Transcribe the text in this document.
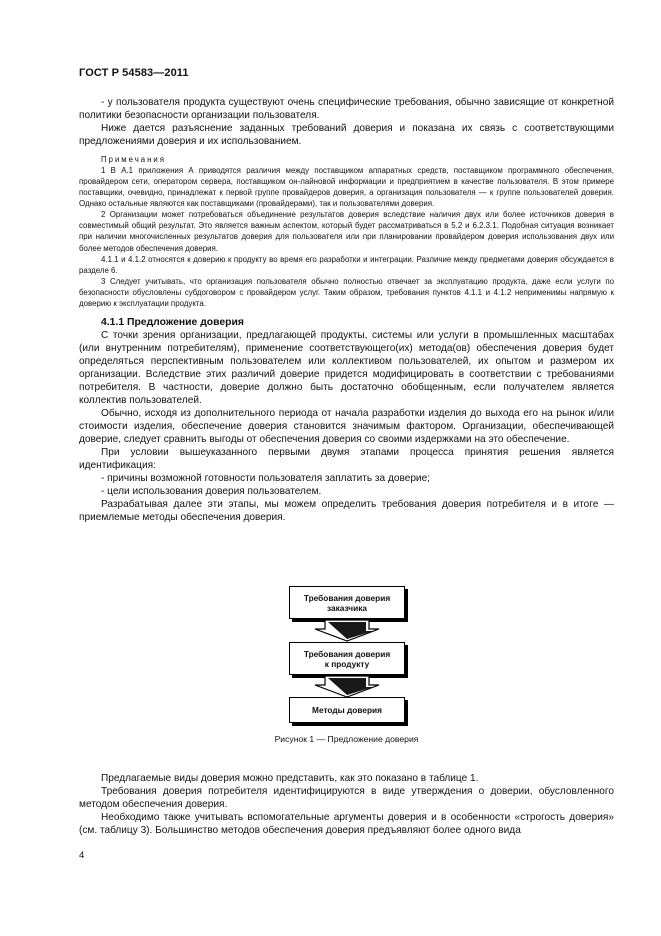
ГОСТ Р 54583—2011

- у пользователя продукта существуют очень специфические требования, обычно зависящие от конкретной политики безопасности организации пользователя.

Ниже дается разъяснение заданных требований доверия и показана их связь с соответствующими предложениями доверия и их использованием.

Примечания

1 В А.1 приложения А приводятся различия между поставщиком аппаратных средств, поставщиком программного обеспечения, провайдером сети, оператором сервера, поставщиком он-лайновой информации и предприятием в качестве пользователя. В этом примере поставщики, очевидно, принадлежат к первой группе провайдеров доверия, а организация пользователя — к группе пользователей доверия. Однако остальные являются как поставщиками (провайдерами), так и пользователями доверия.

2 Организации может потребоваться объединение результатов доверия вследствие наличия двух или более источников доверия в совместимый общий результат. Это является важным аспектом, который будет рассматриваться в 5.2 и 6.2.3.1. Подобная ситуация возникает при наличии многочисленных результатов доверия для пользователя или при планировании провайдером доверия использования двух или более методов обеспечения доверия.

4.1.1 и 4.1.2 относятся к доверию к продукту во время его разработки и интеграции. Различие между предметами доверия обсуждается в разделе 6.

3 Следует учитывать, что организация пользователя обычно полностью отвечает за эксплуатацию продукта, даже если услуги по безопасности обусловлены субдоговором с провайдером услуг. Таким образом, требования пунктов 4.1.1 и 4.1.2 неприменимы напрямую к доверию к эксплуатации продукта.

4.1.1 Предложение доверия

С точки зрения организации, предлагающей продукты, системы или услуги в промышленных масштабах (или внутренним потребителям), применение соответствующего(их) метода(ов) обеспечения доверия будет определяться перспективным пользователем или коллективом пользователей, их опытом и размером их организации. Вследствие этих различий доверие придется модифицировать в соответствии с требованиями потребителя. В частности, доверие должно быть достаточно обобщенным, если получателем является коллектив пользователей.

Обычно, исходя из дополнительного периода от начала разработки изделия до выхода его на рынок и/или стоимости изделия, обеспечение доверия становится значимым фактором. Организации, обеспечивающей доверие, следует сравнить выгоды от обеспечения доверия со своими издержками на это обеспечение.

При условии вышеуказанного первыми двумя этапами процесса принятия решения является идентификация:

- причины возможной готовности пользователя заплатить за доверие;

- цели использования доверия пользователем.

Разрабатывая далее эти этапы, мы можем определить требования доверия потребителя и в итоге — приемлемые методы обеспечения доверия.

Требования доверия
заказчика
Требования доверия
к продукту
Методы доверия
Рисунок 1 — Предложение доверия

Предлагаемые виды доверия можно представить, как это показано в таблице 1.

Требования доверия потребителя идентифицируются в виде утверждения о доверии, обусловленного методом обеспечения доверия.

Необходимо также учитывать вспомогательные аргументы доверия и в особенности «строгость доверия» (см. таблицу 3). Большинство методов обеспечения доверия предъявляют более одного вида

4
